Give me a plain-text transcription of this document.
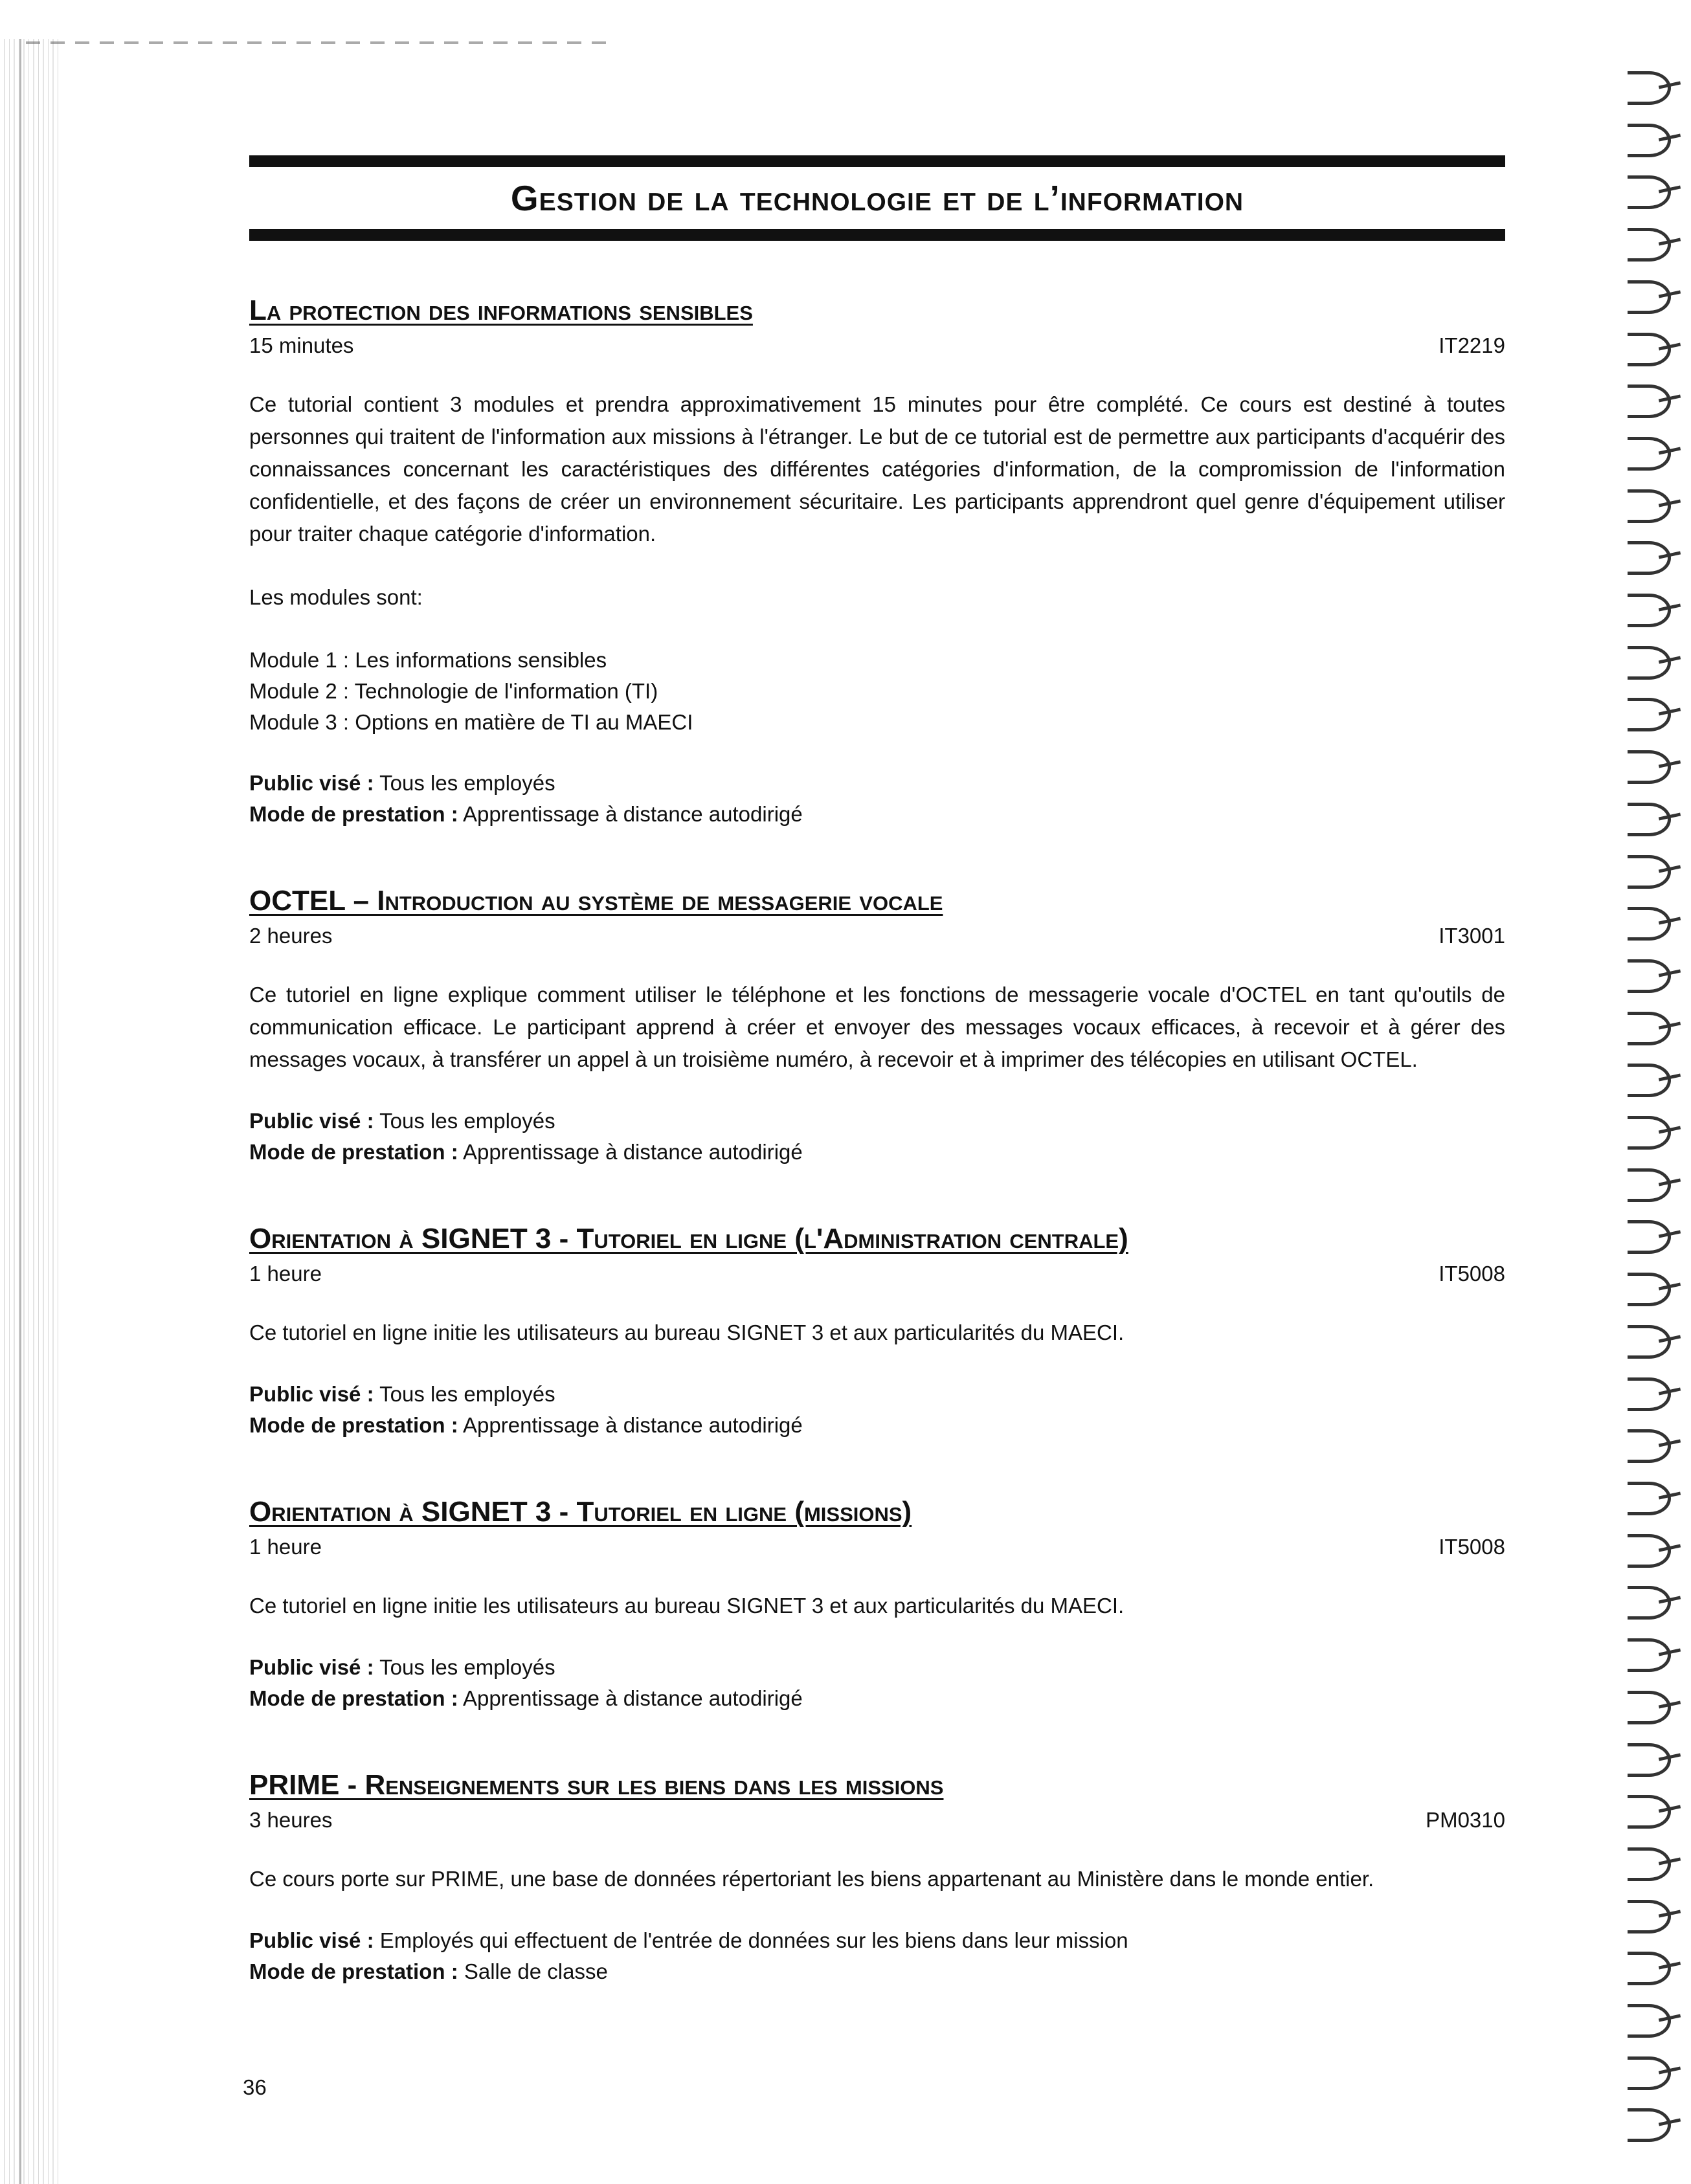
Gestion de la technologie et de l’information
La protection des informations sensibles
15 minutes	IT2219
Ce tutorial contient 3 modules et prendra approximativement 15 minutes pour être complété. Ce cours est destiné à toutes personnes qui traitent de l'information aux missions à l'étranger. Le but de ce tutorial est de permettre aux participants d'acquérir des connaissances concernant les caractéristiques des différentes catégories d'information, de la compromission de l'information confidentielle, et des façons de créer un environnement sécuritaire. Les participants apprendront quel genre d'équipement utiliser pour traiter chaque catégorie d'information.
Les modules sont:
Module 1 : Les informations sensibles
Module 2 : Technologie de l'information (TI)
Module 3 : Options en matière de TI au MAECI
Public visé : Tous les employés
Mode de prestation : Apprentissage à distance autodirigé
OCTEL – Introduction au système de messagerie vocale
2 heures	IT3001
Ce tutoriel en ligne explique comment utiliser le téléphone et les fonctions de messagerie vocale d'OCTEL en tant qu'outils de communication efficace. Le participant apprend à créer et envoyer des messages vocaux efficaces, à recevoir et à gérer des messages vocaux, à transférer un appel à un troisième numéro, à recevoir et à imprimer des télécopies en utilisant OCTEL.
Public visé : Tous les employés
Mode de prestation : Apprentissage à distance autodirigé
Orientation à SIGNET 3 - Tutoriel en ligne (l'Administration centrale)
1 heure	IT5008
Ce tutoriel en ligne initie les utilisateurs au bureau SIGNET 3 et aux particularités du MAECI.
Public visé : Tous les employés
Mode de prestation : Apprentissage à distance autodirigé
Orientation à SIGNET 3 - Tutoriel en ligne (missions)
1 heure	IT5008
Ce tutoriel en ligne initie les utilisateurs au bureau SIGNET 3 et aux particularités du MAECI.
Public visé : Tous les employés
Mode de prestation : Apprentissage à distance autodirigé
PRIME - Renseignements sur les biens dans les missions
3 heures	PM0310
Ce cours porte sur PRIME, une base de données répertoriant les biens appartenant au Ministère dans le monde entier.
Public visé : Employés qui effectuent de l'entrée de données sur les biens dans leur mission
Mode de prestation : Salle de classe
36
